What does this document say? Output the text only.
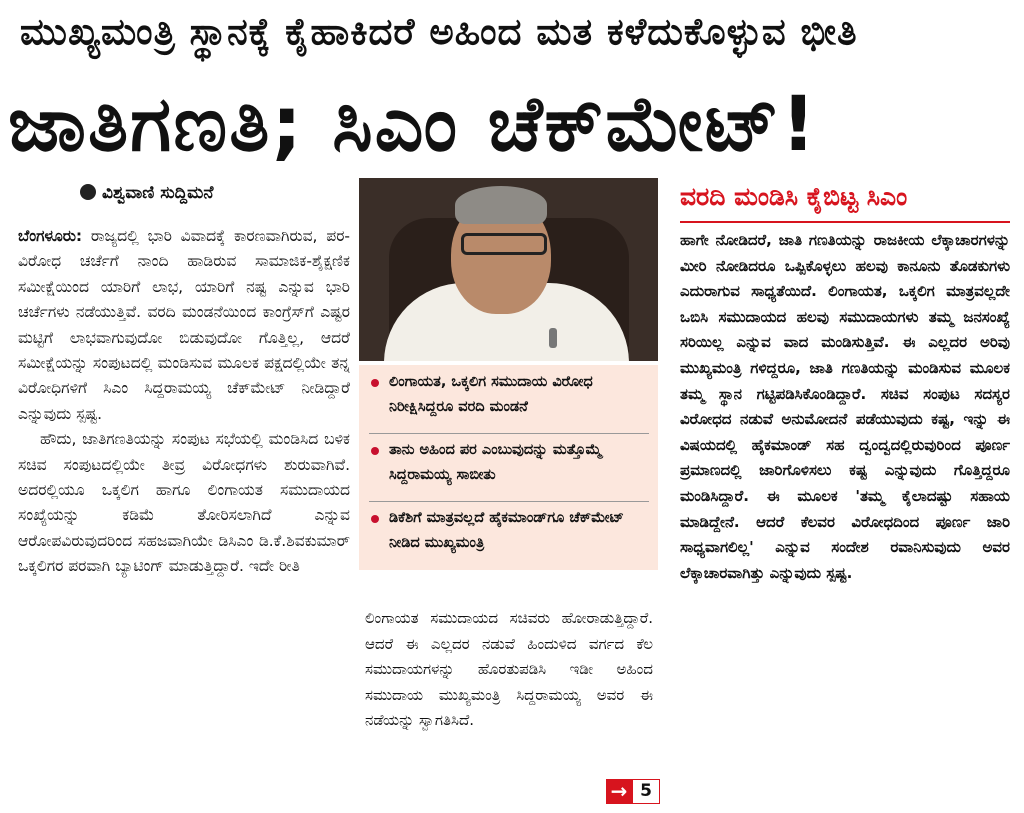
ಮುಖ್ಯಮಂತ್ರಿ ಸ್ಥಾನಕ್ಕೆ ಕೈಹಾಕಿದರೆ ಅಹಿಂದ ಮತ ಕಳೆದುಕೊಳ್ಳುವ ಭೀತಿ
ಜಾತಿಗಣತಿ; ಸಿಎಂ ಚೆಕ್‌ಮೇಟ್!
ವಿಶ್ವವಾಣಿ ಸುದ್ದಿಮನೆ

ಬೆಂಗಳೂರು: ರಾಜ್ಯದಲ್ಲಿ ಭಾರಿ ವಿವಾದಕ್ಕೆ ಕಾರಣವಾಗಿರುವ, ಪರ-ವಿರೋಧ ಚರ್ಚೆಗೆ ನಾಂದಿ ಹಾಡಿರುವ ಸಾಮಾಜಿಕ-ಶೈಕ್ಷಣಿಕ ಸಮೀಕ್ಷೆಯಿಂದ ಯಾರಿಗೆ ಲಾಭ, ಯಾರಿಗೆ ನಷ್ಟ ಎನ್ನುವ ಭಾರಿ ಚರ್ಚೆಗಳು ನಡೆಯುತ್ತಿವೆ. ವರದಿ ಮಂಡನೆಯಿಂದ ಕಾಂಗ್ರೆಸ್‌ಗೆ ಎಷ್ಟರ ಮಟ್ಟಿಗೆ ಲಾಭವಾಗುವುದೋ ಬಿಡುವುದೋ ಗೊತ್ತಿಲ್ಲ, ಆದರೆ ಸಮೀಕ್ಷೆಯನ್ನು ಸಂಪುಟದಲ್ಲಿ ಮಂಡಿಸುವ ಮೂಲಕ ಪಕ್ಷದಲ್ಲಿಯೇ ತನ್ನ ವಿರೋಧಿಗಳಿಗೆ ಸಿಎಂ ಸಿದ್ದರಾಮಯ್ಯ ಚೆಕ್‌ಮೇಟ್ ನೀಡಿದ್ದಾರೆ ಎನ್ನುವುದು ಸ್ಪಷ್ಟ.

ಹೌದು, ಜಾತಿಗಣತಿಯನ್ನು ಸಂಪುಟ ಸಭೆಯಲ್ಲಿ ಮಂಡಿಸಿದ ಬಳಿಕ ಸಚಿವ ಸಂಪುಟದಲ್ಲಿಯೇ ತೀವ್ರ ವಿರೋಧಗಳು ಶುರುವಾಗಿವೆ. ಅದರಲ್ಲಿಯೂ ಒಕ್ಕಲಿಗ ಹಾಗೂ ಲಿಂಗಾಯತ ಸಮುದಾಯದ ಸಂಖ್ಯೆಯನ್ನು ಕಡಿಮೆ ತೋರಿಸಲಾಗಿದೆ ಎನ್ನುವ ಆರೋಪವಿರುವುದರಿಂದ ಸಹಜವಾಗಿಯೇ ಡಿಸಿಎಂ ಡಿ.ಕೆ.ಶಿವಕುಮಾರ್ ಒಕ್ಕಲಿಗರ ಪರವಾಗಿ ಬ್ಯಾಟಿಂಗ್ ಮಾಡುತ್ತಿದ್ದಾರೆ. ಇದೇ ರೀತಿ

ಲಿಂಗಾಯತ, ಒಕ್ಕಲಿಗ ಸಮುದಾಯ ವಿರೋಧ ನಿರೀಕ್ಷಿಸಿದ್ದರೂ ವರದಿ ಮಂಡನೆ
ತಾನು ಅಹಿಂದ ಪರ ಎಂಬುವುದನ್ನು ಮತ್ತೊಮ್ಮೆ ಸಿದ್ದರಾಮಯ್ಯ ಸಾಬೀತು
ಡಿಕೆಶಿಗೆ ಮಾತ್ರವಲ್ಲದೆ ಹೈಕಮಾಂಡ್‌ಗೂ ಚೆಕ್‌ಮೇಟ್ ನೀಡಿದ ಮುಖ್ಯಮಂತ್ರಿ
ಲಿಂಗಾಯತ ಸಮುದಾಯದ ಸಚಿವರು ಹೋರಾಡುತ್ತಿದ್ದಾರೆ. ಆದರೆ ಈ ಎಲ್ಲದರ ನಡುವೆ ಹಿಂದುಳಿದ ವರ್ಗದ ಕೆಲ ಸಮುದಾಯಗಳನ್ನು ಹೊರತುಪಡಿಸಿ ಇಡೀ ಅಹಿಂದ ಸಮುದಾಯ ಮುಖ್ಯಮಂತ್ರಿ ಸಿದ್ದರಾಮಯ್ಯ ಅವರ ಈ ನಡೆಯನ್ನು ಸ್ವಾಗತಿಸಿದೆ.
→ 5
ವರದಿ ಮಂಡಿಸಿ ಕೈಬಿಟ್ಟ ಸಿಎಂ
ಹಾಗೇ ನೋಡಿದರೆ, ಜಾತಿ ಗಣತಿಯನ್ನು ರಾಜಕೀಯ ಲೆಕ್ಕಾಚಾರಗಳನ್ನು ಮೀರಿ ನೋಡಿದರೂ ಒಪ್ಪಿಕೊಳ್ಳಲು ಹಲವು ಕಾನೂನು ತೊಡಕುಗಳು ಎದುರಾಗುವ ಸಾಧ್ಯತೆಯಿದೆ. ಲಿಂಗಾಯತ, ಒಕ್ಕಲಿಗ ಮಾತ್ರವಲ್ಲದೇ ಒಬಿಸಿ ಸಮುದಾಯದ ಹಲವು ಸಮುದಾಯಗಳು ತಮ್ಮ ಜನಸಂಖ್ಯೆ ಸರಿಯಿಲ್ಲ ಎನ್ನುವ ವಾದ ಮಂಡಿಸುತ್ತಿವೆ. ಈ ಎಲ್ಲದರ ಅರಿವು ಮುಖ್ಯಮಂತ್ರಿ ಗಳಿದ್ದರೂ, ಜಾತಿ ಗಣತಿಯನ್ನು ಮಂಡಿಸುವ ಮೂಲಕ ತಮ್ಮ ಸ್ಥಾನ ಗಟ್ಟಿಪಡಿಸಿಕೊಂಡಿದ್ದಾರೆ. ಸಚಿವ ಸಂಪುಟ ಸದಸ್ಯರ ವಿರೋಧದ ನಡುವೆ ಅನುಮೋದನೆ ಪಡೆಯುವುದು ಕಷ್ಟ, ಇನ್ನು ಈ ವಿಷಯದಲ್ಲಿ ಹೈಕಮಾಂಡ್ ಸಹ ದ್ವಂದ್ವದಲ್ಲಿರುವುರಿಂದ ಪೂರ್ಣ ಪ್ರಮಾಣದಲ್ಲಿ ಜಾರಿಗೊಳಿಸಲು ಕಷ್ಟ ಎನ್ನುವುದು ಗೊತ್ತಿದ್ದರೂ ಮಂಡಿಸಿದ್ದಾರೆ. ಈ ಮೂಲಕ 'ತಮ್ಮ ಕೈಲಾದಷ್ಟು ಸಹಾಯ ಮಾಡಿದ್ದೇನೆ. ಆದರೆ ಕೆಲವರ ವಿರೋಧದಿಂದ ಪೂರ್ಣ ಜಾರಿ ಸಾಧ್ಯವಾಗಲಿಲ್ಲ' ಎನ್ನುವ ಸಂದೇಶ ರವಾನಿಸುವುದು ಅವರ ಲೆಕ್ಕಾಚಾರವಾಗಿತ್ತು ಎನ್ನುವುದು ಸ್ಪಷ್ಟ.
